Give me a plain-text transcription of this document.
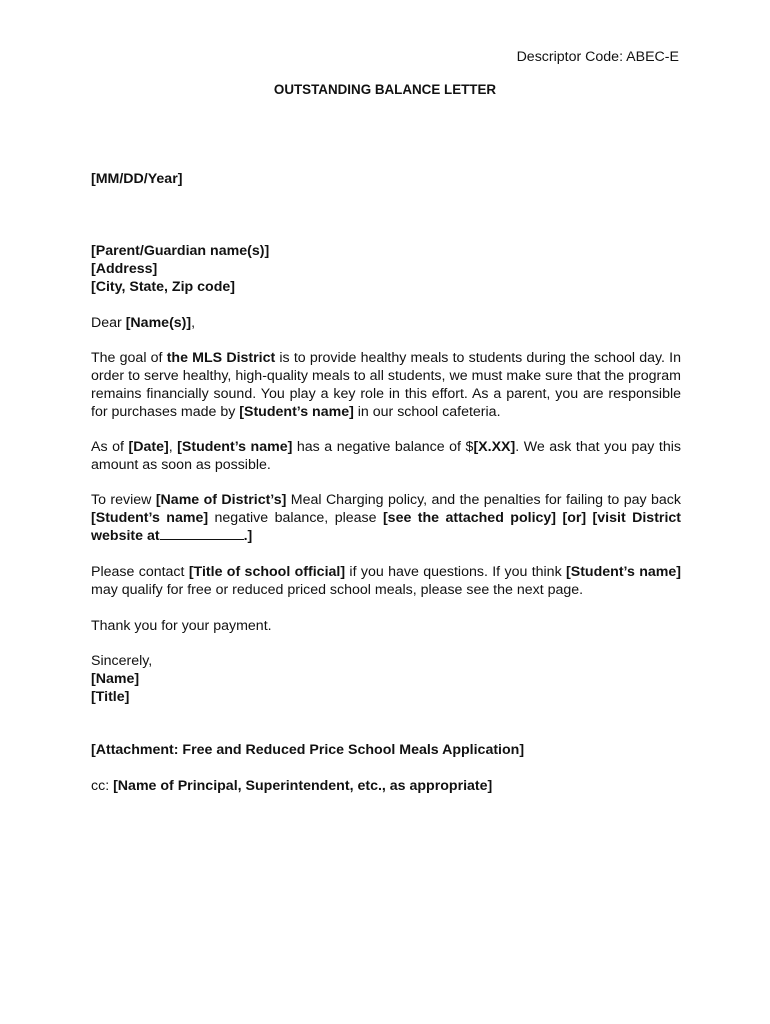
Descriptor Code: ABEC-E
OUTSTANDING BALANCE LETTER
[MM/DD/Year]
[Parent/Guardian name(s)]
[Address]
[City, State, Zip code]
Dear [Name(s)],
The goal of the MLS District is to provide healthy meals to students during the school day. In order to serve healthy, high-quality meals to all students, we must make sure that the program remains financially sound. You play a key role in this effort. As a parent, you are responsible for purchases made by [Student’s name] in our school cafeteria.
As of [Date], [Student’s name] has a negative balance of $[X.XX]. We ask that you pay this amount as soon as possible.
To review [Name of District’s] Meal Charging policy, and the penalties for failing to pay back [Student’s name] negative balance, please [see the attached policy] [or] [visit District website at	.]
Please contact [Title of school official] if you have questions. If you think [Student’s name] may qualify for free or reduced priced school meals, please see the next page.
Thank you for your payment.
Sincerely,
[Name]
[Title]
[Attachment: Free and Reduced Price School Meals Application]
cc: [Name of Principal, Superintendent, etc., as appropriate]
